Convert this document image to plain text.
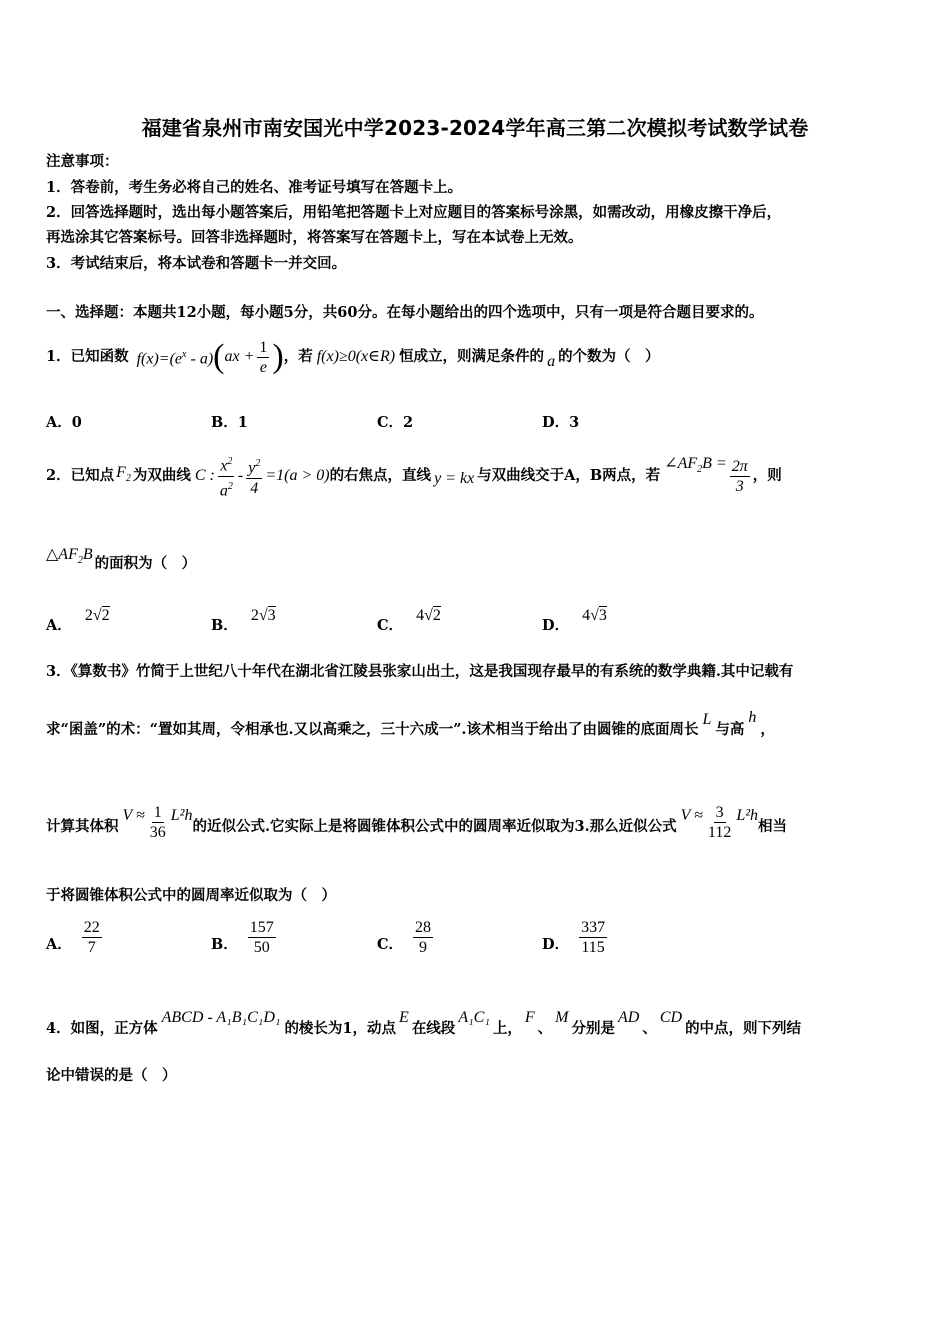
福建省泉州市南安国光中学2023-2024学年高三第二次模拟考试数学试卷
注意事项：
1．答卷前，考生务必将自己的姓名、准考证号填写在答题卡上。
2．回答选择题时，选出每小题答案后，用铅笔把答题卡上对应题目的答案标号涂黑，如需改动，用橡皮擦干净后，
再选涂其它答案标号。回答非选择题时，将答案写在答题卡上，写在本试卷上无效。
3．考试结束后，将本试卷和答题卡一并交回。
一、选择题：本题共12小题，每小题5分，共60分。在每小题给出的四个选项中，只有一项是符合题目要求的。
1．已知函数 $f(x)=(e^x - a)$ ( ax + $\frac{1}{e}$ ) ，若 f(x)≥0(x∈R) 恒成立，则满足条件的 a 的个数为（　）
A．0	B．1	C．2	D．3
2．已知点 $F_2$ 为双曲线 C : $\frac{x^2}{a^2} - \frac{y^2}{4} =1(a > 0)$ 的右焦点，直线 y = kx 与双曲线交于A，B两点，若
$\angle AF_2B = \frac{2\pi}{3}$ ，则
$\triangle AF_2B$
的面积为（　）
A． 2√2
B． 2√3
C． 4√2
D． 4√3
3．《算数书》竹简于上世纪八十年代在湖北省江陵县张家山出土，这是我国现存最早的有系统的数学典籍.其中记载有
求“囷盖”的术：“置如其周，令相承也.又以高乘之，三十六成一”.该术相当于给出了由圆锥的底面周长
L
与高
h
，
计算其体积
$V \approx \frac{1}{36} L^2h$
的近似公式.它实际上是将圆锥体积公式中的圆周率近似取为3.那么近似公式
$V \approx \frac{3}{112} L^2h$
相当
于将圆锥体积公式中的圆周率近似取为（　）
A． $\frac{22}{7}$	B． $\frac{157}{50}$	C． $\frac{28}{9}$	D． $\frac{337}{115}$
4．如图，正方体
ABCD - A₁B₁C₁D₁
的棱长为1，动点
E
在线段
A₁C₁
上，
F
、
M
分别是
AD
、
CD
的中点，则下列结
论中错误的是（　）
